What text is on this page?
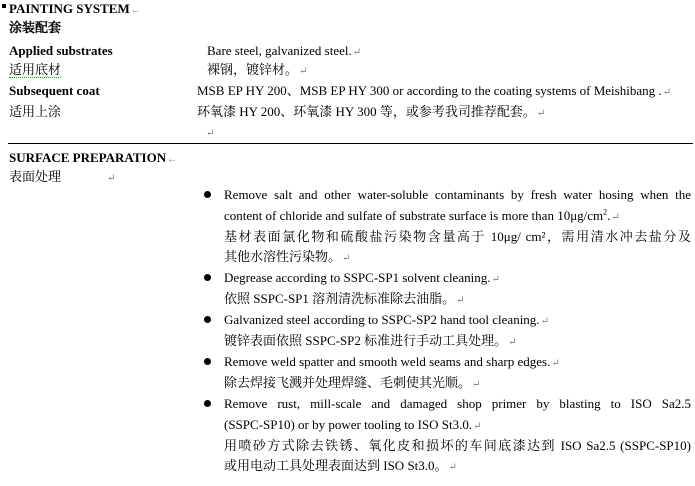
PAINTING SYSTEM←
涂装配套
Applied substrates	Bare steel, galvanized steel.↵
适用底材	裸钢，镀锌材。↵
Subsequent coat	MSB EP HY 200、MSB EP HY 300 or according to the coating systems of Meishibang .↵
适用上涂	环氧漆 HY 200、环氧漆 HY 300 等，或参考我司推荐配套。↵
↵
SURFACE PREPARATION←
表面处理	↵
Remove salt and other water-soluble contaminants by fresh water hosing when the
content of chloride and sulfate of substrate surface is more than $10\mu g/cm^2.↵$
基材表面氯化物和硫酸盐污染物含量高于 10μg/ cm²，需用清水冲去盐分及
其他水溶性污染物。↵
Degrease according to SSPC-SP1 solvent cleaning.↵
依照 SSPC-SP1 溶剂清洗标准除去油脂。↵
Galvanized steel according to SSPC-SP2 hand tool cleaning.↵
镀锌表面依照 SSPC-SP2 标准进行手动工具处理。↵
Remove weld spatter and smooth weld seams and sharp edges.↵
除去焊接飞溅并处理焊缝、毛刺使其光顺。↵
Remove rust, mill-scale and damaged shop primer by blasting to ISO Sa2.5
(SSPC-SP10) or by power tooling to ISO St3.0.↵
用喷砂方式除去铁锈、氧化皮和损坏的车间底漆达到 ISO Sa2.5 (SSPC-SP10)
或用电动工具处理表面达到 ISO St3.0。↵
